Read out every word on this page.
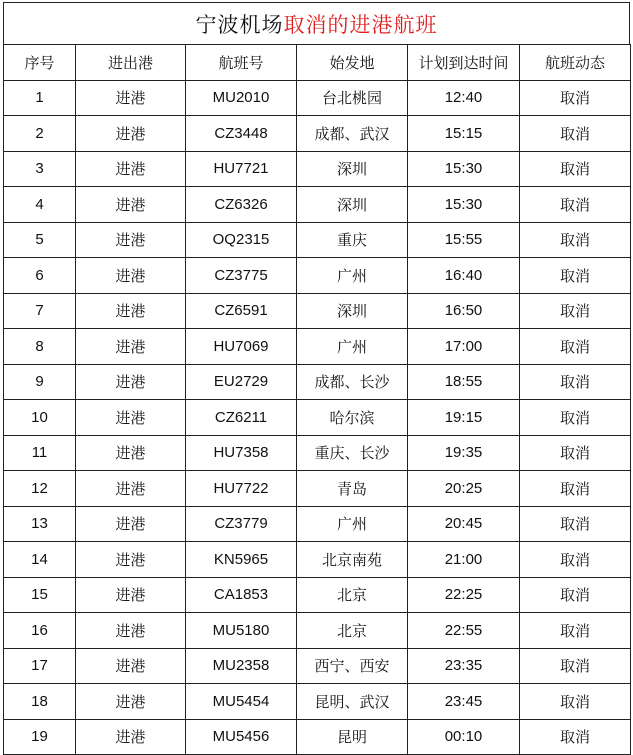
宁波机场 取消的进港航班
序号	进出港	航班号	始发地	计划到达时间	航班动态
1	进港	MU2010	台北桃园	12:40	取消
2	进港	CZ3448	成都、武汉	15:15	取消
3	进港	HU7721	深圳	15:30	取消
4	进港	CZ6326	深圳	15:30	取消
5	进港	OQ2315	重庆	15:55	取消
6	进港	CZ3775	广州	16:40	取消
7	进港	CZ6591	深圳	16:50	取消
8	进港	HU7069	广州	17:00	取消
9	进港	EU2729	成都、长沙	18:55	取消
10	进港	CZ6211	哈尔滨	19:15	取消
11	进港	HU7358	重庆、长沙	19:35	取消
12	进港	HU7722	青岛	20:25	取消
13	进港	CZ3779	广州	20:45	取消
14	进港	KN5965	北京南苑	21:00	取消
15	进港	CA1853	北京	22:25	取消
16	进港	MU5180	北京	22:55	取消
17	进港	MU2358	西宁、西安	23:35	取消
18	进港	MU5454	昆明、武汉	23:45	取消
19	进港	MU5456	昆明	00:10	取消
